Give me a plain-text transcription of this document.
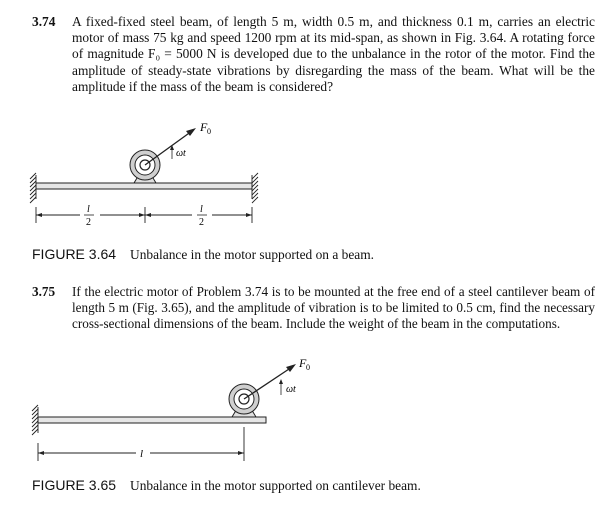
3.74	A fixed-fixed steel beam, of length 5 m, width 0.5 m, and thickness 0.1 m, carries an electric motor of mass 75 kg and speed 1200 rpm at its mid-span, as shown in Fig. 3.64. A rotating force of magnitude F₀ = 5000 N is developed due to the unbalance in the rotor of the motor. Find the amplitude of steady-state vibrations by disregarding the mass of the beam. What will be the amplitude if the mass of the beam is considered?
F 0
ωt
l
2
l
2
FIGURE 3.64 Unbalance in the motor supported on a beam.
3.75	If the electric motor of Problem 3.74 is to be mounted at the free end of a steel cantilever beam of length 5 m (Fig. 3.65), and the amplitude of vibration is to be limited to 0.5 cm, find the necessary cross-sectional dimensions of the beam. Include the weight of the beam in the computations.
F 0
ωt
l
FIGURE 3.65 Unbalance in the motor supported on cantilever beam.
